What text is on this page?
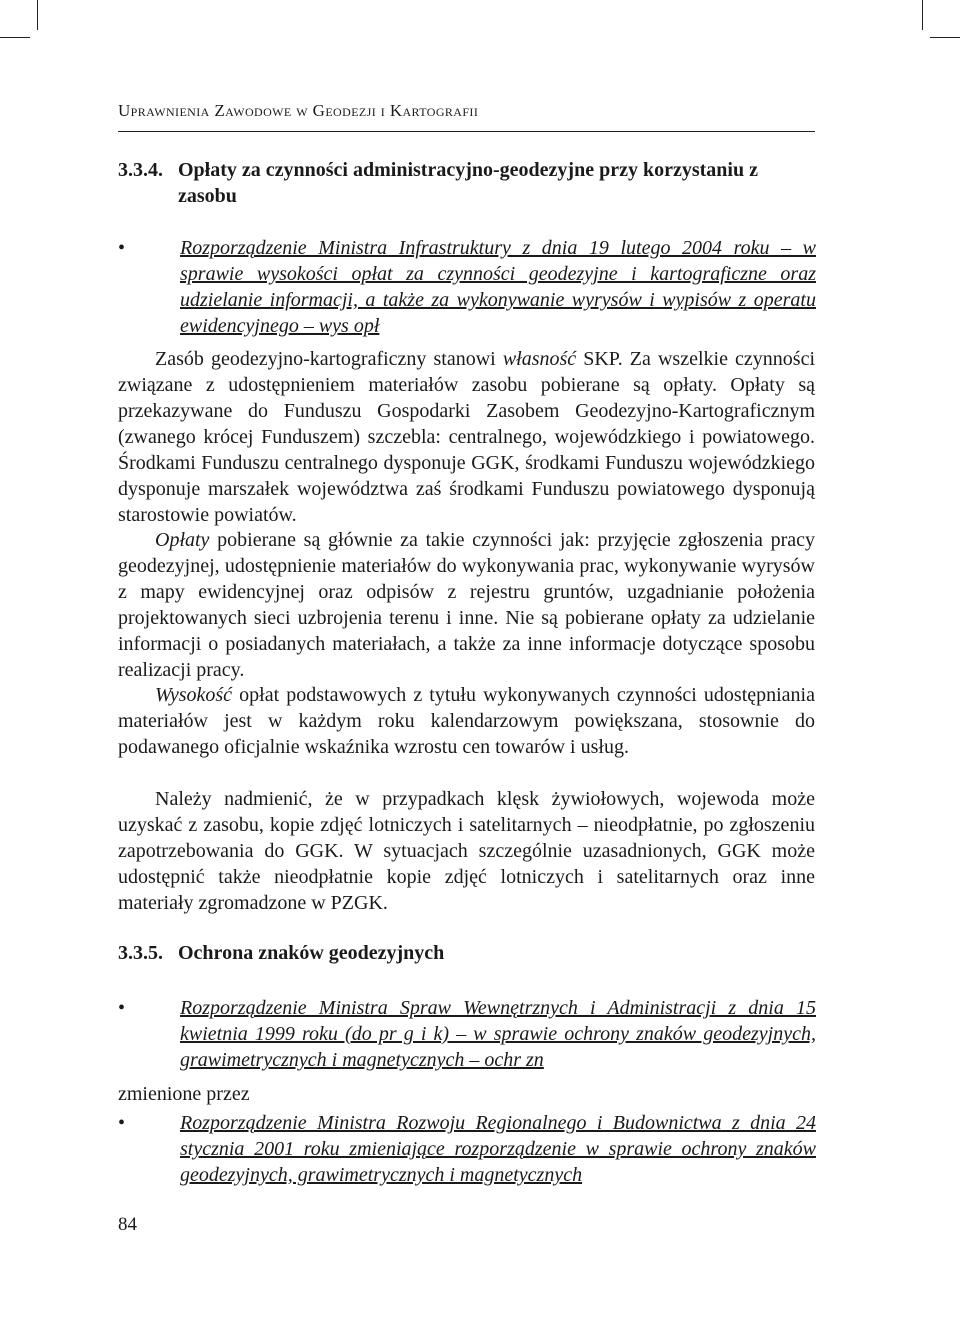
Uprawnienia Zawodowe w Geodezji i Kartografii
3.3.4. Opłaty za czynności administracyjno-geodezyjne przy korzystaniu z zasobu
•	Rozporządzenie Ministra Infrastruktury z dnia 19 lutego 2004 roku – w sprawie wysokości opłat za czynności geodezyjne i kartograficzne oraz udzielanie informacji, a także za wykonywanie wyrysów i wypisów z operatu ewidencyjnego – wys opł
Zasób geodezyjno-kartograficzny stanowi własność SKP. Za wszelkie czynności związane z udostępnieniem materiałów zasobu pobierane są opłaty. Opłaty są przekazywane do Funduszu Gospodarki Zasobem Geodezyjno-Kartograficznym (zwanego krócej Funduszem) szczebla: centralnego, wojewódzkiego i powiatowego. Środkami Funduszu centralnego dysponuje GGK, środkami Funduszu wojewódzkiego dysponuje marszałek województwa zaś środkami Funduszu powiatowego dysponują starostowie powiatów.
Opłaty pobierane są głównie za takie czynności jak: przyjęcie zgłoszenia pracy geodezyjnej, udostępnienie materiałów do wykonywania prac, wykonywanie wyrysów z mapy ewidencyjnej oraz odpisów z rejestru gruntów, uzgadnianie położenia projektowanych sieci uzbrojenia terenu i inne. Nie są pobierane opłaty za udzielanie informacji o posiadanych materiałach, a także za inne informacje dotyczące sposobu realizacji pracy.
Wysokość opłat podstawowych z tytułu wykonywanych czynności udostępniania materiałów jest w każdym roku kalendarzowym powiększana, stosownie do podawanego oficjalnie wskaźnika wzrostu cen towarów i usług.
Należy nadmienić, że w przypadkach klęsk żywiołowych, wojewoda może uzyskać z zasobu, kopie zdjęć lotniczych i satelitarnych – nieodpłatnie, po zgłoszeniu zapotrzebowania do GGK. W sytuacjach szczególnie uzasadnionych, GGK może udostępnić także nieodpłatnie kopie zdjęć lotniczych i satelitarnych oraz inne materiały zgromadzone w PZGK.
3.3.5. Ochrona znaków geodezyjnych
•	Rozporządzenie Ministra Spraw Wewnętrznych i Administracji z dnia 15 kwietnia 1999 roku (do pr g i k) – w sprawie ochrony znaków geodezyjnych, grawimetrycznych i magnetycznych – ochr zn
zmienione przez
•	Rozporządzenie Ministra Rozwoju Regionalnego i Budownictwa z dnia 24 stycznia 2001 roku zmieniające rozporządzenie w sprawie ochrony znaków geodezyjnych, grawimetrycznych i magnetycznych
84
